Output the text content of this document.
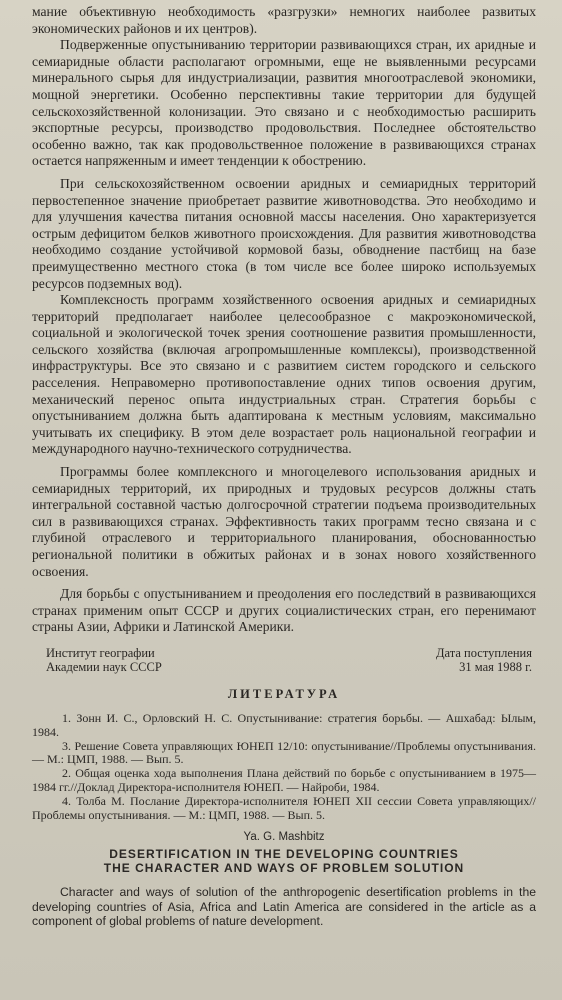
мание объективную необходимость «разгрузки» немногих наиболее развитых экономических районов и их центров).

Подверженные опустыниванию территории развивающихся стран, их аридные и семиаридные области располагают огромными, еще не выявленными ресурсами минерального сырья для индустриализации, развития многоотраслевой экономики, мощной энергетики. Особенно перспективны такие территории для будущей сельскохозяйственной колонизации. Это связано и с необходимостью расширить экспортные ресурсы, производство продовольствия. Последнее обстоятельство особенно важно, так как продовольственное положение в развивающихся странах остается напряженным и имеет тенденции к обострению.

При сельскохозяйственном освоении аридных и семиаридных территорий первостепенное значение приобретает развитие животноводства. Это необходимо и для улучшения качества питания основной массы населения. Оно характеризуется острым дефицитом белков животного происхождения. Для развития животноводства необходимо создание устойчивой кормовой базы, обводнение пастбищ на базе преимущественно местного стока (в том числе все более широко используемых ресурсов подземных вод).

Комплексность программ хозяйственного освоения аридных и семиаридных территорий предполагает наиболее целесообразное с макроэкономической, социальной и экологической точек зрения соотношение развития промышленности, сельского хозяйства (включая агропромышленные комплексы), производственной инфраструктуры. Все это связано и с развитием систем городского и сельского расселения. Неправомерно противопоставление одних типов освоения другим, механический перенос опыта индустриальных стран. Стратегия борьбы с опустыниванием должна быть адаптирована к местным условиям, максимально учитывать их специфику. В этом деле возрастает роль национальной географии и международного научно-технического сотрудничества.

Программы более комплексного и многоцелевого использования аридных и семиаридных территорий, их природных и трудовых ресурсов должны стать интегральной составной частью долгосрочной стратегии подъема производительных сил в развивающихся странах. Эффективность таких программ тесно связана и с глубиной отраслевого и территориального планирования, обоснованностью региональной политики в обжитых районах и в зонах нового хозяйственного освоения.

Для борьбы с опустыниванием и преодоления его последствий в развивающихся странах применим опыт СССР и других социалистических стран, его перенимают страны Азии, Африки и Латинской Америки.

Институт географии
Академии наук СССР
Дата поступления
31 мая 1988 г.
ЛИТЕРАТУРА

1. Зонн И. С., Орловский Н. С. Опустынивание: стратегия борьбы. — Ашхабад: Ылым, 1984.

3. Решение Совета управляющих ЮНЕП 12/10: опустынивание//Проблемы опустынивания. — М.: ЦМП, 1988. — Вып. 5.

2. Общая оценка хода выполнения Плана действий по борьбе с опустыниванием в 1975—1984 гг.//Доклад Директора-исполнителя ЮНЕП. — Найроби, 1984.

4. Толба М. Послание Директора-исполнителя ЮНЕП XII сессии Совета управляющих//Проблемы опустынивания. — М.: ЦМП, 1988. — Вып. 5.

Ya. G. Mashbitz
DESERTIFICATION IN THE DEVELOPING COUNTRIES
THE CHARACTER AND WAYS OF PROBLEM SOLUTION

Character and ways of solution of the anthropogenic desertification problems in the developing countries of Asia, Africa and Latin America are considered in the article as a component of global problems of nature development.
